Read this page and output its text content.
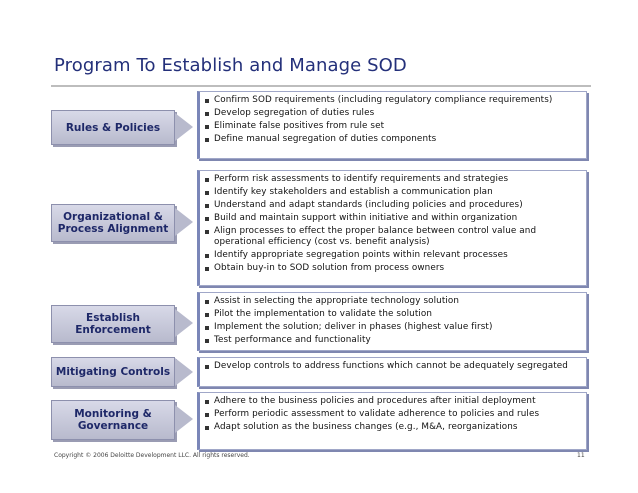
Program To Establish and Manage SOD
Rules & Policies
Confirm SOD requirements (including regulatory compliance requirements)
Develop segregation of duties rules
Eliminate false positives from rule set
Define manual segregation of duties components
Organizational & Process Alignment
Perform risk assessments to identify requirements and strategies
Identify key stakeholders and establish a communication plan
Understand and adapt standards (including policies and procedures)
Build and maintain support within initiative and within organization
Align processes to effect the proper balance between control value and operational efficiency (cost vs. benefit analysis)
Identify appropriate segregation points within relevant processes
Obtain buy-in to SOD solution from process owners
Establish Enforcement
Assist in selecting the appropriate technology solution
Pilot the implementation to validate the solution
Implement the solution; deliver in phases (highest value first)
Test performance and functionality
Mitigating Controls	Develop controls to address functions which cannot be adequately segregated
Monitoring & Governance
Adhere to the business policies and procedures after initial deployment
Perform periodic assessment to validate adherence to policies and rules
Adapt solution as the business changes (e.g., M&A, reorganizations
Copyright © 2006 Deloitte Development LLC. All rights reserved.	11
